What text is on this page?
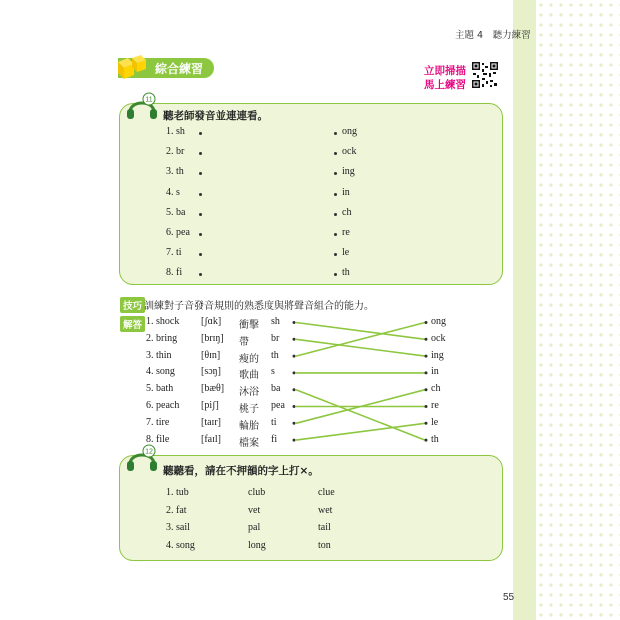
主題 4　聽力練習
綜合練習	立即掃描
馬上練習
11
聽老師發音並連連看。
1. sh	ong
2. br	ock
3. th	ing
4. s	in
5. ba	ch
6. pea	re
7. ti	le
8. fi	th
技巧 訓練對子音發音規則的熟悉度與將聲音組合的能力。
解答 1. shock [ʃɑk] 衝擊 sh	ong
2. bring [brɪŋ] 帶 br	ock
3. thin	[θɪn] 瘦的 th	ing
4. song	[sɔŋ] 歌曲 s	in
5. bath	[bæθ] 沐浴 ba	ch
6. peach [piʃ] 桃子 pea	re
7. tire	[taɪr] 輪胎 ti	le
8. file	[faɪl] 檔案 fi	th
12
聽聽看，請在不押韻的字上打×。
1. tub	club	clue
2. fat	vet	wet
3. sail	pal	tail
4. song	long	ton
55
